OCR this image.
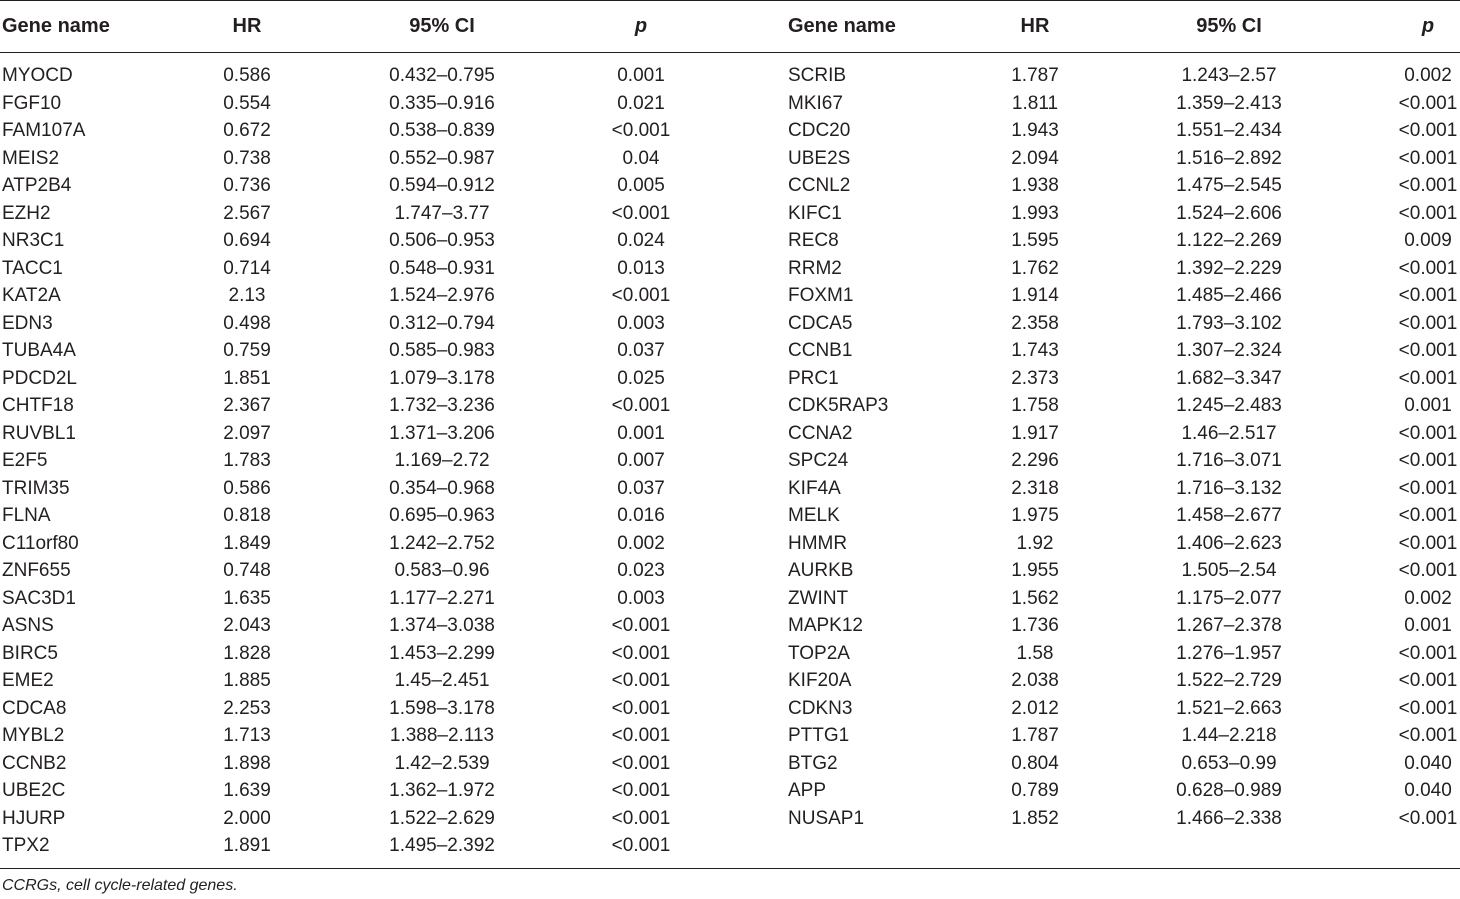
Gene name	HR	95% CI	p	Gene name	HR	95% CI	p
MYOCD	0.586	0.432–0.795	0.001
FGF10	0.554	0.335–0.916	0.021
FAM107A	0.672	0.538–0.839	<0.001
MEIS2	0.738	0.552–0.987	0.04
ATP2B4	0.736	0.594–0.912	0.005
EZH2	2.567	1.747–3.77	<0.001
NR3C1	0.694	0.506–0.953	0.024
TACC1	0.714	0.548–0.931	0.013
KAT2A	2.13	1.524–2.976	<0.001
EDN3	0.498	0.312–0.794	0.003
TUBA4A	0.759	0.585–0.983	0.037
PDCD2L	1.851	1.079–3.178	0.025
CHTF18	2.367	1.732–3.236	<0.001
RUVBL1	2.097	1.371–3.206	0.001
E2F5	1.783	1.169–2.72	0.007
TRIM35	0.586	0.354–0.968	0.037
FLNA	0.818	0.695–0.963	0.016
C11orf80	1.849	1.242–2.752	0.002
ZNF655	0.748	0.583–0.96	0.023
SAC3D1	1.635	1.177–2.271	0.003
ASNS	2.043	1.374–3.038	<0.001
BIRC5	1.828	1.453–2.299	<0.001
EME2	1.885	1.45–2.451	<0.001
CDCA8	2.253	1.598–3.178	<0.001
MYBL2	1.713	1.388–2.113	<0.001
CCNB2	1.898	1.42–2.539	<0.001
UBE2C	1.639	1.362–1.972	<0.001
HJURP	2.000	1.522–2.629	<0.001
TPX2	1.891	1.495–2.392	<0.001
SCRIB	1.787	1.243–2.57	0.002
MKI67	1.811	1.359–2.413	<0.001
CDC20	1.943	1.551–2.434	<0.001
UBE2S	2.094	1.516–2.892	<0.001
CCNL2	1.938	1.475–2.545	<0.001
KIFC1	1.993	1.524–2.606	<0.001
REC8	1.595	1.122–2.269	0.009
RRM2	1.762	1.392–2.229	<0.001
FOXM1	1.914	1.485–2.466	<0.001
CDCA5	2.358	1.793–3.102	<0.001
CCNB1	1.743	1.307–2.324	<0.001
PRC1	2.373	1.682–3.347	<0.001
CDK5RAP3	1.758	1.245–2.483	0.001
CCNA2	1.917	1.46–2.517	<0.001
SPC24	2.296	1.716–3.071	<0.001
KIF4A	2.318	1.716–3.132	<0.001
MELK	1.975	1.458–2.677	<0.001
HMMR	1.92	1.406–2.623	<0.001
AURKB	1.955	1.505–2.54	<0.001
ZWINT	1.562	1.175–2.077	0.002
MAPK12	1.736	1.267–2.378	0.001
TOP2A	1.58	1.276–1.957	<0.001
KIF20A	2.038	1.522–2.729	<0.001
CDKN3	2.012	1.521–2.663	<0.001
PTTG1	1.787	1.44–2.218	<0.001
BTG2	0.804	0.653–0.99	0.040
APP	0.789	0.628–0.989	0.040
NUSAP1	1.852	1.466–2.338	<0.001
CCRGs, cell cycle-related genes.
